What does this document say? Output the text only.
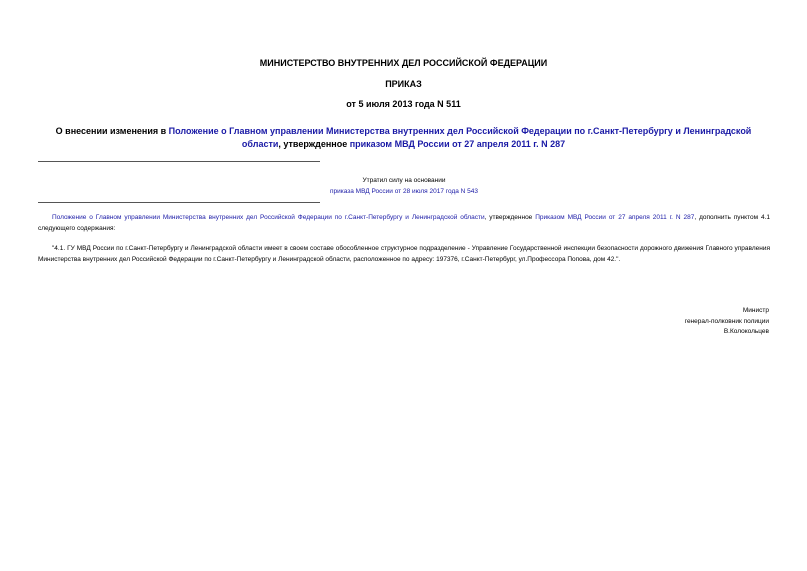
МИНИСТЕРСТВО ВНУТРЕННИХ ДЕЛ РОССИЙСКОЙ ФЕДЕРАЦИИ
ПРИКАЗ
от 5 июля 2013 года N 511
О внесении изменения в Положение о Главном управлении Министерства внутренних дел Российской Федерации по г.Санкт-Петербургу и Ленинградской области, утвержденное приказом МВД России от 27 апреля 2011 г. N 287
Утратил силу на основании
приказа МВД России от 28 июля 2017 года N 543
Положение о Главном управлении Министерства внутренних дел Российской Федерации по г.Санкт-Петербургу и Ленинградской области, утвержденное Приказом МВД России от 27 апреля 2011 г. N 287, дополнить пунктом 4.1 следующего содержания:
"4.1. ГУ МВД России по г.Санкт-Петербургу и Ленинградской области имеет в своем составе обособленное структурное подразделение - Управление Государственной инспекции безопасности дорожного движения Главного управления Министерства внутренних дел Российской Федерации по г.Санкт-Петербургу и Ленинградской области, расположенное по адресу: 197376, г.Санкт-Петербург, ул.Профессора Попова, дом 42.".
Министр
генерал-полковник полиции
В.Колокольцев
